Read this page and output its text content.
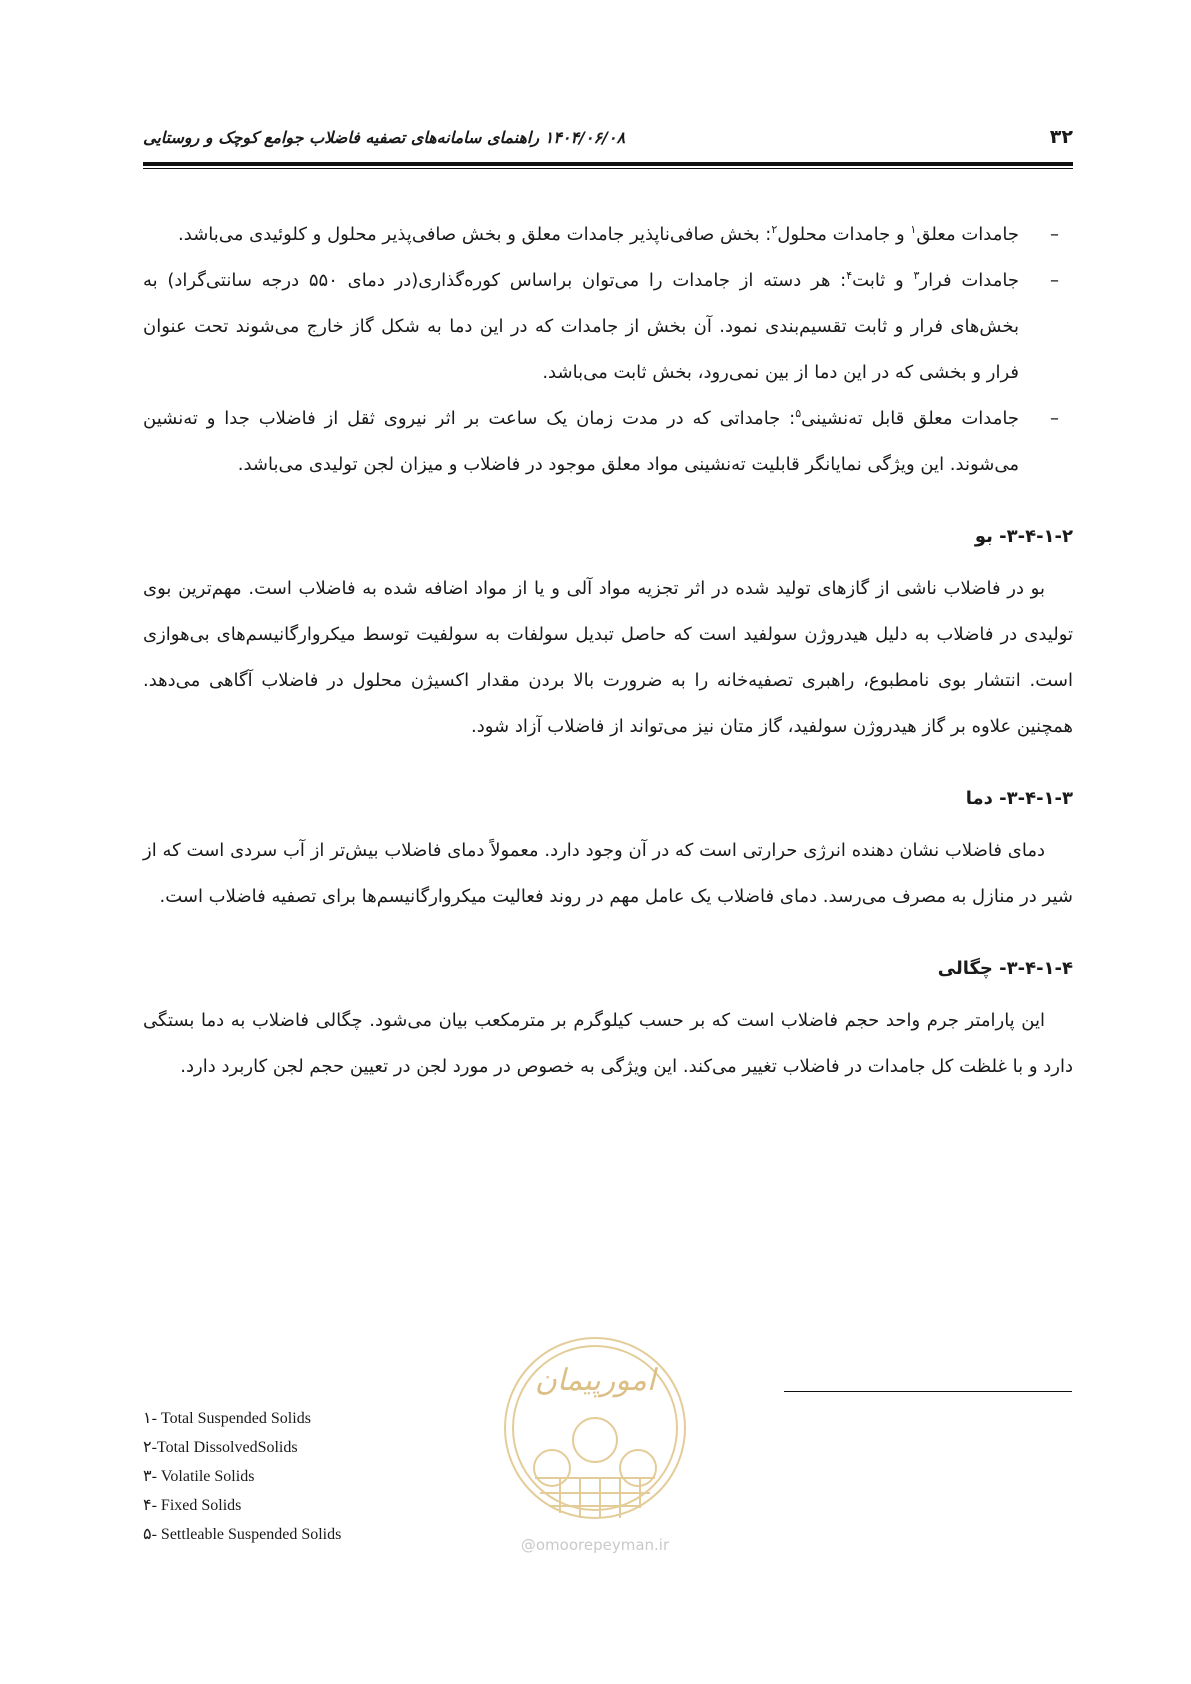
۳۲
۱۴۰۴/۰۶/۰۸ راهنمای سامانه‌های تصفیه فاضلاب جوامع کوچک و روستایی
–
جامدات معلق$^۱$ و جامدات محلول$^۲$: بخش صافی‌ناپذیر جامدات معلق و بخش صافی‌پذیر محلول و کلوئیدی می‌باشد.
–
جامدات فرار$^۳$ و ثابت$^۴$: هر دسته از جامدات را می‌توان براساس کوره‌گذاری(در دمای ۵۵۰ درجه سانتی‌گراد) به بخش‌های فرار و ثابت تقسیم‌بندی نمود. آن بخش از جامدات که در این دما به شکل گاز خارج می‌شوند تحت عنوان فرار و بخشی که در این دما از بین نمی‌رود، بخش ثابت می‌باشد.
–
جامدات معلق قابل ته‌نشینی$^۵$: جامداتی که در مدت زمان یک ساعت بر اثر نیروی ثقل از فاضلاب جدا و ته‌نشین می‌شوند. این ویژگی نمایانگر قابلیت ته‌نشینی مواد معلق موجود در فاضلاب و میزان لجن تولیدی می‌باشد.
۳-۴-۱-۲- بو

بو در فاضلاب ناشی از گازهای تولید شده در اثر تجزیه مواد آلی و یا از مواد اضافه شده به فاضلاب است. مهم‌ترین بوی تولیدی در فاضلاب به دلیل هیدروژن سولفید است که حاصل تبدیل سولفات به سولفیت توسط میکروارگانیسم‌های بی‌هوازی است. انتشار بوی نامطبوع، راهبری تصفیه‌خانه را به ضرورت بالا بردن مقدار اکسیژن محلول در فاضلاب آگاهی می‌دهد. همچنین علاوه بر گاز هیدروژن سولفید، گاز متان نیز می‌تواند از فاضلاب آزاد شود.

۳-۴-۱-۳- دما

دمای فاضلاب نشان دهنده انرژی حرارتی است که در آن وجود دارد. معمولاً دمای فاضلاب بیش‌تر از آب سردی است که از شیر در منازل به مصرف می‌رسد. دمای فاضلاب یک عامل مهم در روند فعالیت میکروارگانیسم‌ها برای تصفیه فاضلاب است.

۳-۴-۱-۴- چگالی

این پارامتر جرم واحد حجم فاضلاب است که بر حسب کیلوگرم بر مترمکعب بیان می‌شود. چگالی فاضلاب به دما بستگی دارد و با غلظت کل جامدات در فاضلاب تغییر می‌کند. این ویژگی به خصوص در مورد لجن در تعیین حجم لجن کاربرد دارد.

۱- Total Suspended Solids
۲-Total DissolvedSolids
۳- Volatile Solids
۴- Fixed Solids
۵- Settleable Suspended Solids
امورپیمان
@omoorepeyman.ir
